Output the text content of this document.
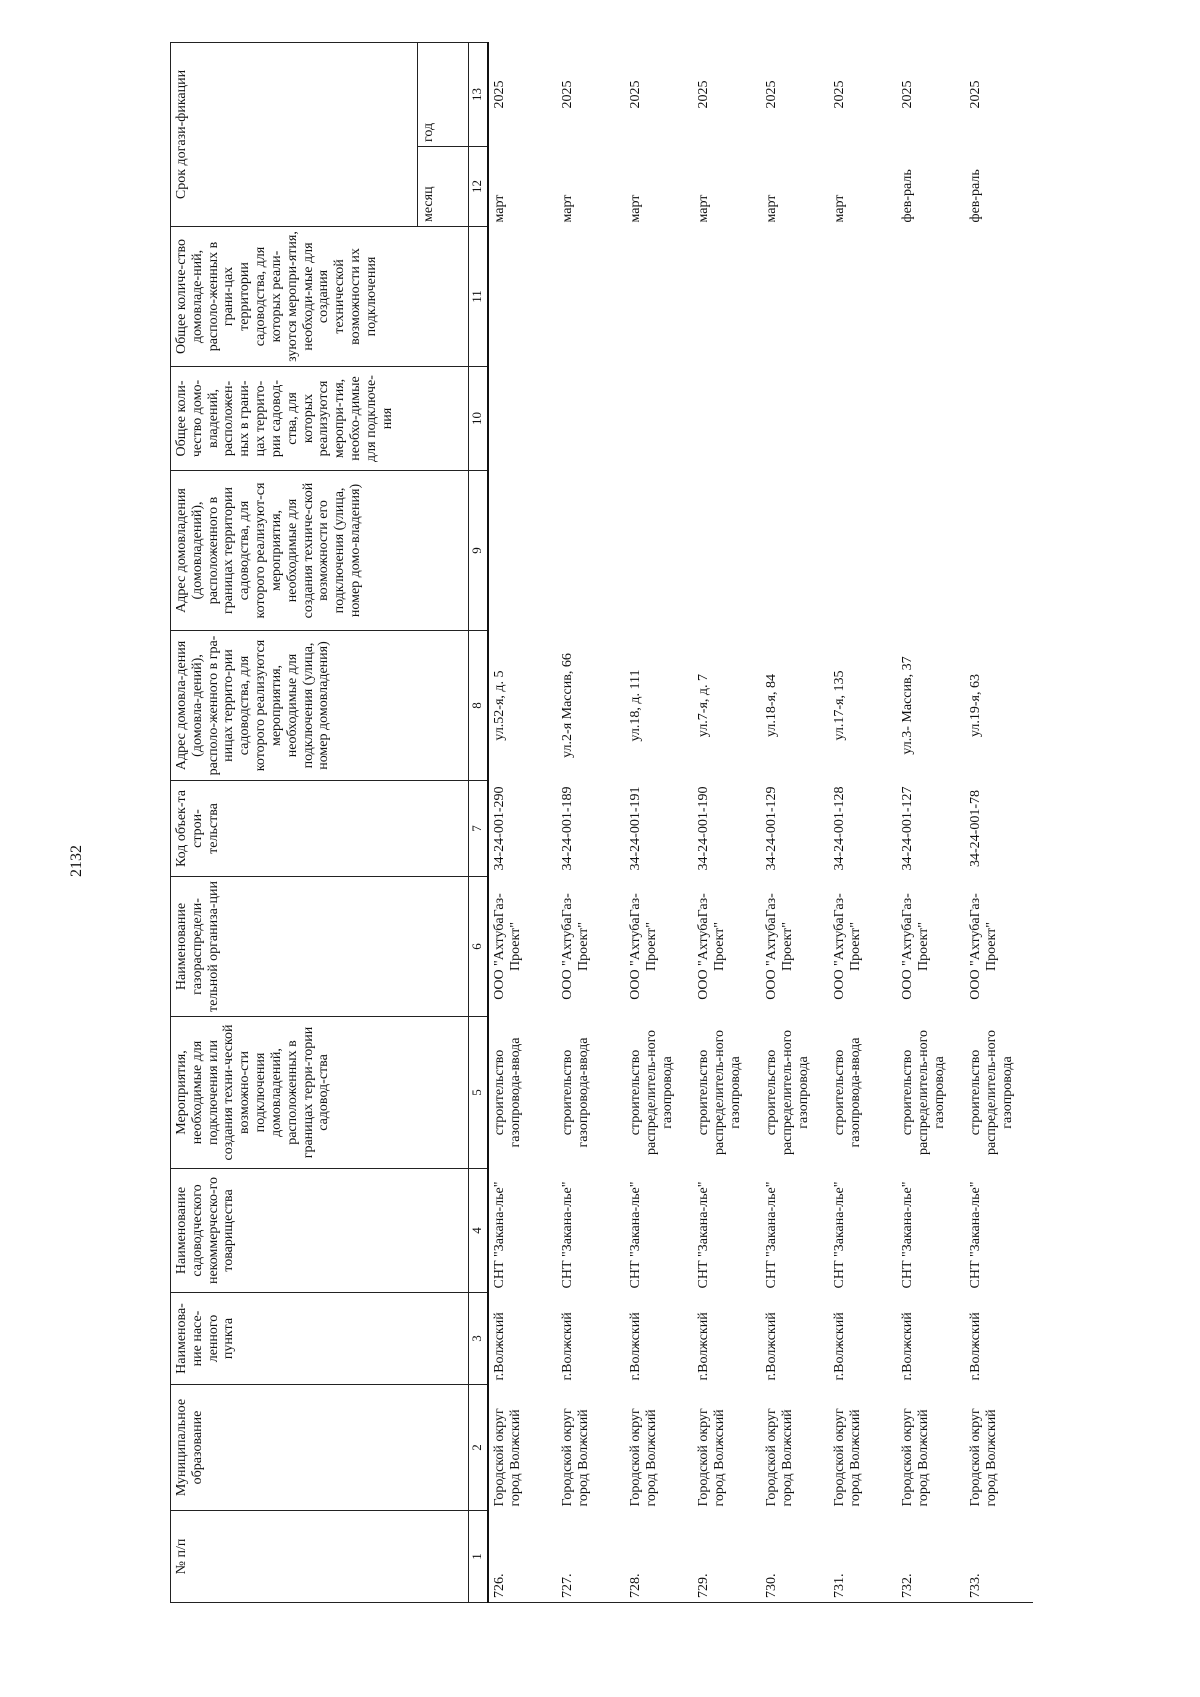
2132
№ п/п	Муниципальное образование	Наименова-ние насе-ленного пункта	Наименование садоводческого некоммерческо-го товарищества	Мероприятия, необходимые для подключения или создания техни-ческой возможно-сти подключения домовладений, расположенных в границах терри-тории садовод-ства	Наименование газораспредели-тельной организа-ции	Код объек-та строи-тельства	Адрес домовла-дения (домовла-дений), располо-женного в гра-ницах террито-рии садоводства, для которого реализуются мероприятия, необходимые для подключения (улица, номер домовладения)	Адрес домовладения (домовладений), расположенного в границах территории садоводства, для которого реализуют-ся мероприятия, необходимые для создания техниче-ской возможности его подключения (улица, номер домо-владения)	Общее коли-чество домо-владений, расположен-ных в грани-цах террито-рии садовод-ства, для которых реализуются меропри-тия, необхо-димые для подключе-ния	Общее количе-ство домовладе-ний, располо-женных в грани-цах территории садоводства, для которых реали-зуются меропри-ятия, необходи-мые для создания технической возможности их подключения	Срок догази-фикации	
											месяц	год
1	2	3	4	5	6	7	8	9	10	11	12	13
726.	Городской округ город Волжский	г.Волжский	СНТ "Закана-лье"	строительство газопровода-ввода	ООО "АхтубаГаз-Проект"	34-24-001-290	ул.52-я, д. 5				март	2025
727.	Городской округ город Волжский	г.Волжский	СНТ "Закана-лье"	строительство газопровода-ввода	ООО "АхтубаГаз-Проект"	34-24-001-189	ул.2-я Массив, 66				март	2025
728.	Городской округ город Волжский	г.Волжский	СНТ "Закана-лье"	строительство распределитель-ного газопровода	ООО "АхтубаГаз-Проект"	34-24-001-191	ул.18, д. 111				март	2025
729.	Городской округ город Волжский	г.Волжский	СНТ "Закана-лье"	строительство распределитель-ного газопровода	ООО "АхтубаГаз-Проект"	34-24-001-190	ул.7-я, д. 7				март	2025
730.	Городской округ город Волжский	г.Волжский	СНТ "Закана-лье"	строительство распределитель-ного газопровода	ООО "АхтубаГаз-Проект"	34-24-001-129	ул.18-я, 84				март	2025
731.	Городской округ город Волжский	г.Волжский	СНТ "Закана-лье"	строительство газопровода-ввода	ООО "АхтубаГаз-Проект"	34-24-001-128	ул.17-я, 135				март	2025
732.	Городской округ город Волжский	г.Волжский	СНТ "Закана-лье"	строительство распределитель-ного газопровода	ООО "АхтубаГаз-Проект"	34-24-001-127	ул.3- Массив, 37				фев-раль	2025
733.	Городской округ город Волжский	г.Волжский	СНТ "Закана-лье"	строительство распределитель-ного газопровода	ООО "АхтубаГаз-Проект"	34-24-001-78	ул.19-я, 63				фев-раль	2025
